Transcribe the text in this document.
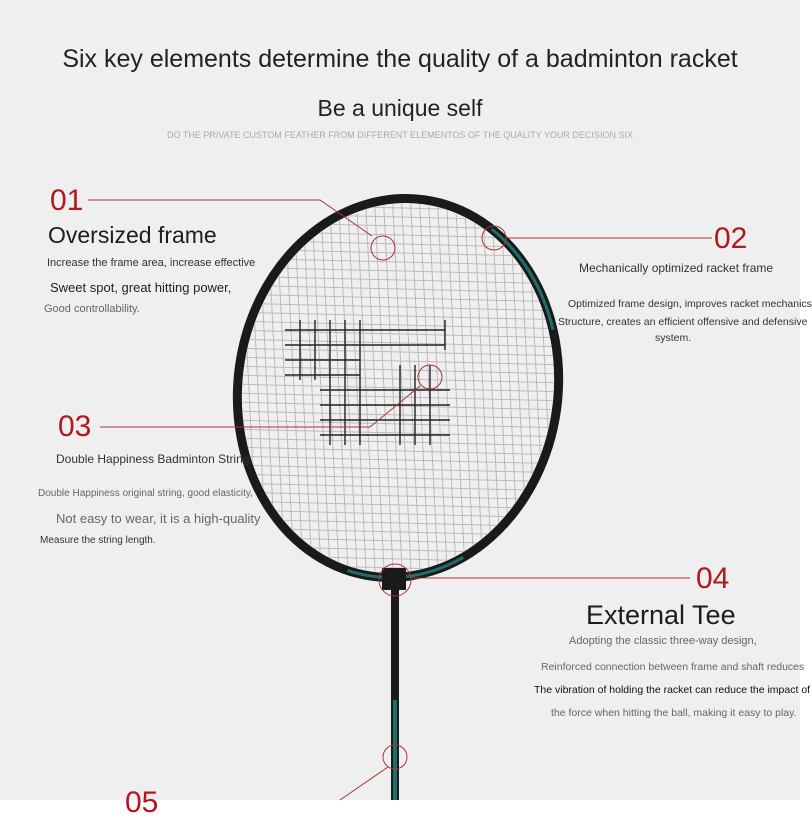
Six key elements determine the quality of a badminton racket
Be a unique self
DO THE PRIVATE CUSTOM FEATHER FROM DIFFERENT ELEMENTOS OF THE QUALITY YOUR DECISION SIX
01
Oversized frame
Increase the frame area, increase effective
Sweet spot, great hitting power,
Good controllability.
02
Mechanically optimized racket frame
Optimized frame design, improves racket mechanics
Structure, creates an efficient offensive and defensive
system.
03
Double Happiness Badminton String
Double Happiness original string, good elasticity,
Not easy to wear, it is a high-quality
Measure the string length.
04
External Tee
Adopting the classic three-way design,
Reinforced connection between frame and shaft reduces
The vibration of holding the racket can reduce the impact of
the force when hitting the ball, making it easy to play.
05
